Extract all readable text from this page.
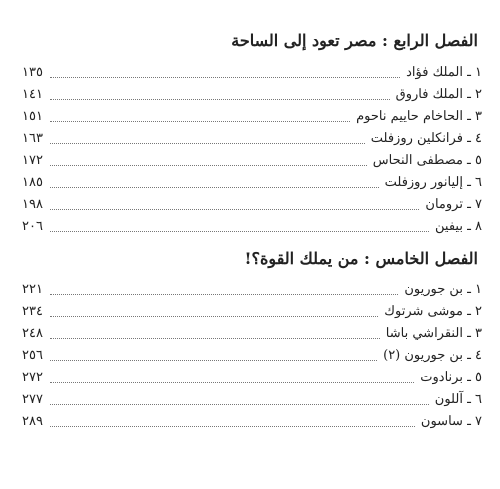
الفصل الرابع : مصر تعود إلى الساحة
١٣٥	١ ـ الملك فؤاد
١٤١	٢ ـ الملك فاروق
١٥١	٣ ـ الحاخام حاييم ناحوم
١٦٣	٤ ـ فرانكلين روزفلت
١٧٢	٥ ـ مصطفى النحاس
١٨٥	٦ ـ إليانور روزفلت
١٩٨	٧ ـ ترومان
٢٠٦	٨ ـ بيفين
الفصل الخامس : من يملك القوة؟!
٢٢١	١ ـ بن جوريون
٢٣٤	٢ ـ موشى شرتوك
٢٤٨	٣ ـ النقراشي باشا
٢٥٦	٤ ـ بن جوريون (٢)
٢٧٢	٥ ـ برنادوت
٢٧٧	٦ ـ آللون
٢٨٩	٧ ـ ساسون
